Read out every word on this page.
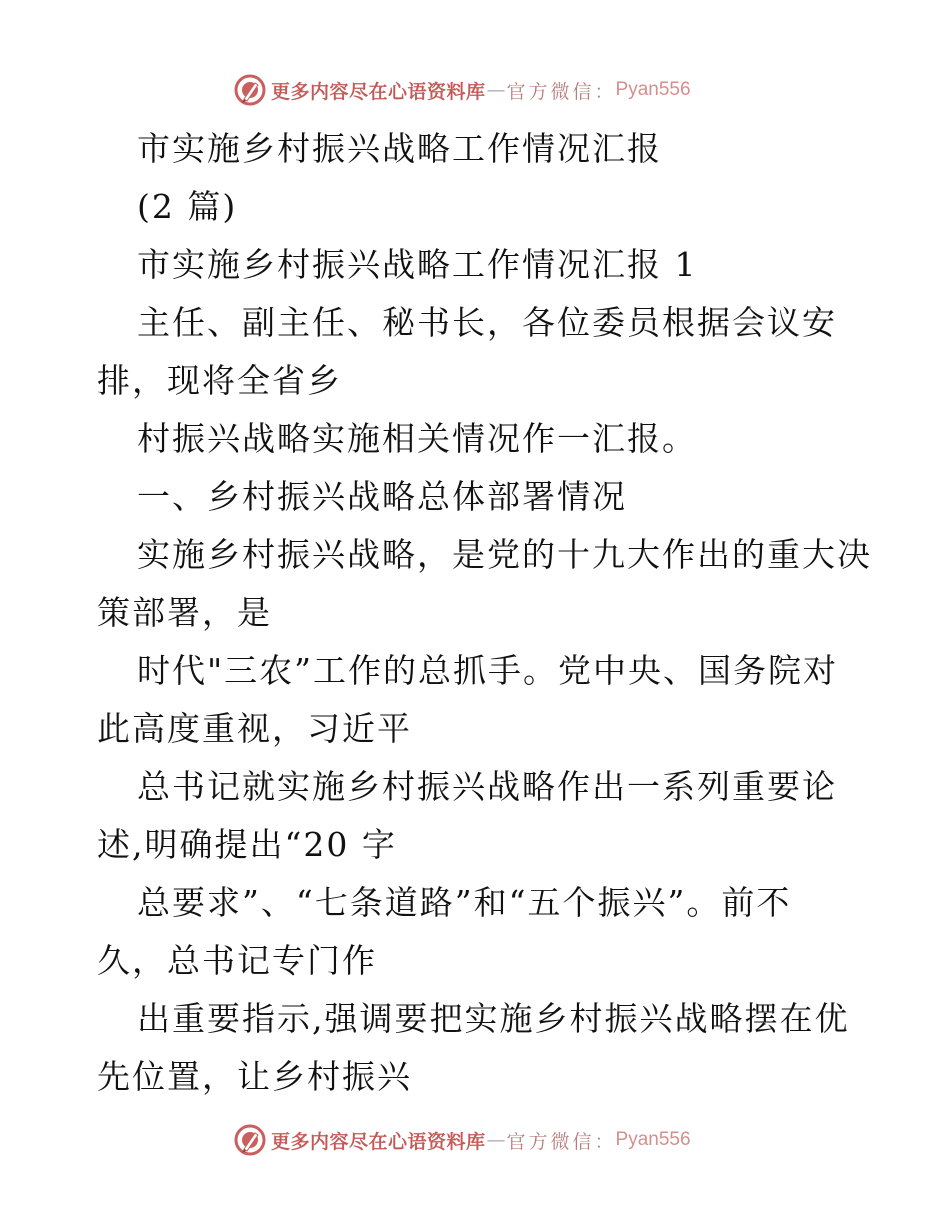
更多内容尽在心语资料库 — 官方微信 ： Pyan556
市实施乡村振兴战略工作情况汇报
(2 篇)
市实施乡村振兴战略工作情况汇报 1
主任、副主任、秘书长，各位委员根据会议安
排，现将全省乡
村振兴战略实施相关情况作一汇报。
一、乡村振兴战略总体部署情况
实施乡村振兴战略，是党的十九大作出的重大决
策部署，是
时代"三农”工作的总抓手。党中央、国务院对
此高度重视，习近平
总书记就实施乡村振兴战略作出一系列重要论
述,明确提出“20 字
总要求”、“七条道路”和“五个振兴”。前不
久，总书记专门作
出重要指示,强调要把实施乡村振兴战略摆在优
先位置，让乡村振兴
更多内容尽在心语资料库 — 官方微信 ： Pyan556
